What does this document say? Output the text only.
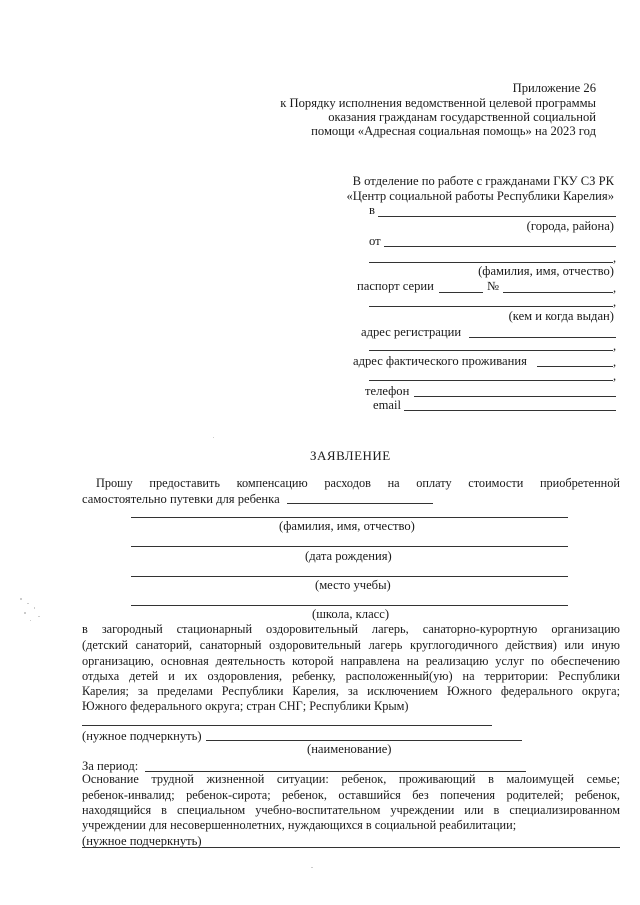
Приложение 26
к Порядку исполнения ведомственной целевой программы
оказания гражданам государственной социальной
помощи «Адресная социальная помощь» на 2023 год
В отделение по работе с гражданами ГКУ СЗ РК
«Центр социальной работы Республики Карелия»
в
(города, района)
от
,
(фамилия, имя, отчество)
паспорт серии	№	,
,
(кем и когда выдан)
адрес регистрации
,
адрес фактического проживания	,
,
телефон
email
ЗАЯВЛЕНИЕ
Прошу предоставить компенсацию расходов на оплату стоимости приобретенной
самостоятельно путевки для ребенка
(фамилия, имя, отчество)
(дата рождения)
(место учебы)
(школа, класс)
в загородный стационарный оздоровительный лагерь, санаторно-курортную организацию
(детский санаторий, санаторный оздоровительный лагерь круглогодичного действия) или иную
организацию, основная деятельность которой направлена на реализацию услуг по обеспечению
отдыха детей и их оздоровления, ребенку, расположенный(ую) на территории: Республики
Карелия; за пределами Республики Карелия, за исключением Южного федерального округа;
Южного федерального округа; стран СНГ; Республики Крым)
(нужное подчеркнуть)
(наименование)
За период:
Основание трудной жизненной ситуации: ребенок, проживающий в малоимущей семье;
ребенок-инвалид; ребенок-сирота; ребенок, оставшийся без попечения родителей; ребенок,
находящийся в специальном учебно-воспитательном учреждении или в специализированном
учреждении для несовершеннолетних, нуждающихся в социальной реабилитации;
(нужное подчеркнуть)
